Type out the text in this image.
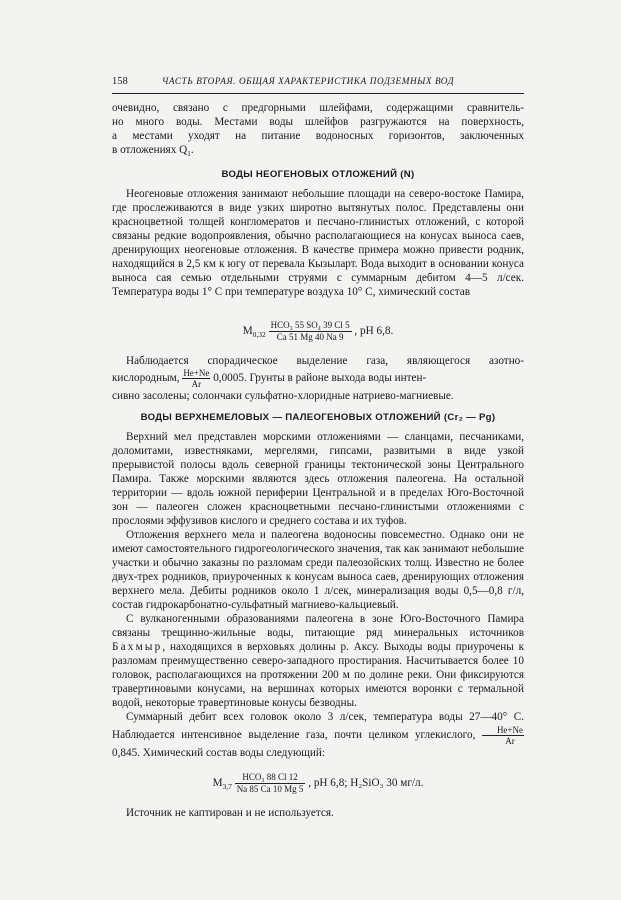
158	ЧАСТЬ ВТОРАЯ. ОБЩАЯ ХАРАКТЕРИСТИКА ПОДЗЕМНЫХ ВОД

очевидно, связано с предгорными шлейфами, содержащими сравнитель-

но много воды. Местами воды шлейфов разгружаются на поверхность,

а местами уходят на питание водоносных горизонтов, заключенных

в отложениях $Q_1$.

ВОДЫ НЕОГЕНОВЫХ ОТЛОЖЕНИЙ (N)

Неогеновые отложения занимают небольшие площади на северо-востоке Памира, где прослеживаются в виде узких широтно вытянутых полос. Представлены они красноцветной толщей конгломератов и песчано-глинистых отложений, с которой связаны редкие водопроявления, обычно располагающиеся на конусах выноса саев, дренирующих неогеновые отложения. В качестве примера можно привести родник, находящийся в 2,5 км к югу от перевала Кызыларт. Вода выходит в основании конуса выноса сая семью отдельными струями с суммарным дебитом 4—5 л/сек. Температура воды 1° С при температуре воздуха 10° С, химический состав

$M_{0,32} \frac{\text{HCO₃ 55 SO₄ 39 Cl 5}}{Ca 51 Mg 40 Na 9}$ , pH 6,8.

Наблюдается спорадическое выделение газа, являющегося азотно-

кислородным, $\frac{He+Ne}{Ar} 0,0005$. Грунты в районе выхода воды интен-

сивно засолены; солончаки сульфатно-хлоридные натриево-магниевые.

ВОДЫ ВЕРХНЕМЕЛОВЫХ — ПАЛЕОГЕНОВЫХ ОТЛОЖЕНИЙ (Cr₂ — Pg)

Верхний мел представлен морскими отложениями — сланцами, песчаниками, доломитами, известняками, мергелями, гипсами, развитыми в виде узкой прерывистой полосы вдоль северной границы тектонической зоны Центрального Памира. Также морскими являются здесь отложения палеогена. На остальной территории — вдоль южной периферии Центральной и в пределах Юго-Восточной зон — палеоген сложен красноцветными песчано-глинистыми отложениями с прослоями эффузивов кислого и среднего состава и их туфов.

Отложения верхнего мела и палеогена водоносны повсеместно. Однако они не имеют самостоятельного гидрогеологического значения, так как занимают небольшие участки и обычно заказны по разломам среди палеозойских толщ. Известно не более двух-трех родников, приуроченных к конусам выноса саев, дренирующих отложения верхнего мела. Дебиты родников около 1 л/сек, минерализация воды 0,5—0,8 г/л, состав гидрокарбонатно-сульфатный магниево-кальциевый.

С вулканогенными образованиями палеогена в зоне Юго-Восточного Памира связаны трещинно-жильные воды, питающие ряд минеральных источников Бахмыр, находящихся в верховьях долины р. Аксу. Выходы воды приурочены к разломам преимущественно северо-западного простирания. Насчитывается более 10 головок, располагающихся на протяжении 200 м по долине реки. Они фиксируются травертиновыми конусами, на вершинах которых имеются воронки с термальной водой, некоторые травертиновые конусы безводны.

Суммарный дебит всех головок около 3 л/сек, температура воды 27—40° С. Наблюдается интенсивное выделение газа, почти целиком углекислого, $\frac{He+Ne}{Ar}$
0,845. Химический состав воды следующий:

$M_{3,7} \frac{\text{HCO₃ 88 Cl 12}}{Na 85 Ca 10 Mg 5}$ , pH 6,8; H₂SiO₃ 30 мг/л.

Источник не каптирован и не используется.
